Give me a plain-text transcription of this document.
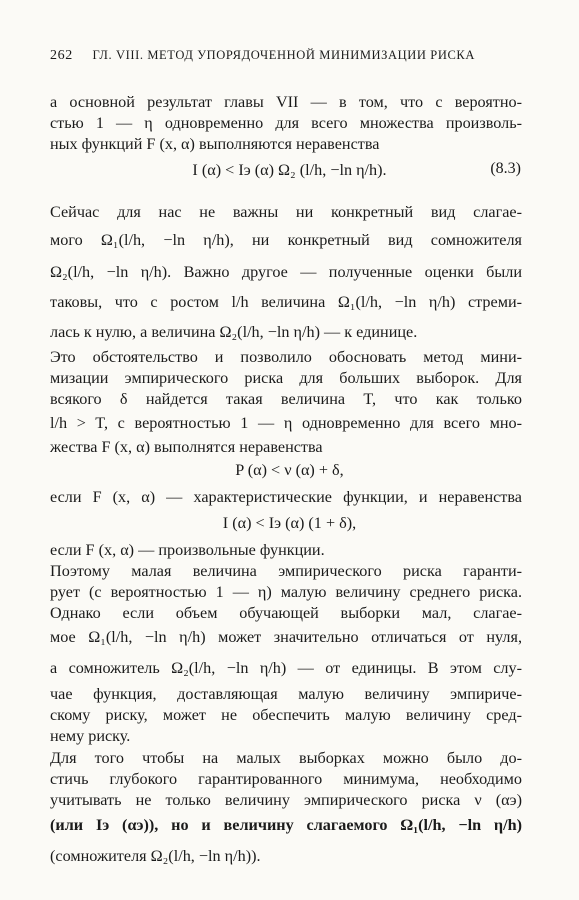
262 ГЛ. VIII. МЕТОД УПОРЯДОЧЕННОЙ МИНИМИЗАЦИИ РИСКА
а основной результат главы VII — в том, что с вероятно-
стью 1 — η одновременно для всего множества произволь-
ных функций F (x, α) выполняются неравенства
I (α) < Iэ (α) Ω₂ (l/h, −ln η/h).	(8.3)
Сейчас для нас не важны ни конкретный вид слагае-
мого Ω₁(l/h, −ln η/h), ни конкретный вид сомножителя
Ω₂(l/h, −ln η/h). Важно другое — полученные оценки были
таковы, что с ростом l/h величина Ω₁(l/h, −ln η/h) стреми-
лась к нулю, а величина Ω₂(l/h, −ln η/h) — к единице.
Это обстоятельство и позволило обосновать метод мини-
мизации эмпирического риска для больших выборок. Для
всякого δ найдется такая величина T, что как только
l/h > T, с вероятностью 1 — η одновременно для всего мно-
жества F (x, α) выполнятся неравенства
P (α) < ν (α) + δ,
если F (x, α) — характеристические функции, и неравенства
I (α) < Iэ (α) (1 + δ),
если F (x, α) — произвольные функции.
Поэтому малая величина эмпирического риска гаранти-
рует (с вероятностью 1 — η) малую величину среднего риска.
Однако если объем обучающей выборки мал, слагае-
мое Ω₁(l/h, −ln η/h) может значительно отличаться от нуля,
а сомножитель Ω₂(l/h, −ln η/h) — от единицы. В этом слу-
чае функция, доставляющая малую величину эмпириче-
скому риску, может не обеспечить малую величину сред-
нему риску.
Для того чтобы на малых выборках можно было до-
стичь глубокого гарантированного минимума, необходимо
учитывать не только величину эмпирического риска ν (αэ)
(или Iэ (αэ)), но и величину слагаемого Ω₁(l/h, −ln η/h)
(сомножителя Ω₂(l/h, −ln η/h)).
